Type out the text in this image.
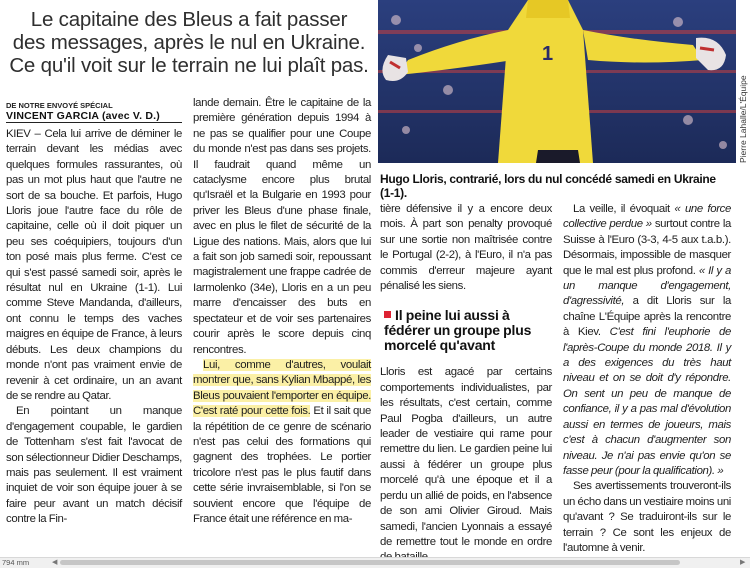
Le capitaine des Bleus a fait passer
des messages, après le nul en Ukraine.
Ce qu'il voit sur le terrain ne lui plaît pas.	1
Pierre Lahalle/L'Équipe
Hugo Lloris, contrarié, lors du nul concédé samedi en Ukraine (1-1).
DE NOTRE ENVOYÉ SPÉCIAL
VINCENT GARCIA (avec V. D.)

KIEV – Cela lui arrive de déminer le terrain devant les médias avec quelques formules rassurantes, où pas un mot plus haut que l'autre ne sort de sa bouche. Et parfois, Hugo Lloris joue l'autre face du rôle de capitaine, celle où il doit piquer un peu ses coéquipiers, toujours d'un ton posé mais plus ferme. C'est ce qui s'est passé samedi soir, après le résultat nul en Ukraine (1-1). Lui comme Steve Mandanda, d'ailleurs, ont connu le temps des vaches maigres en équipe de France, à leurs débuts. Les deux champions du monde n'ont pas vraiment envie de revenir à cet ordinaire, un an avant de se rendre au Qatar.

En pointant un manque d'engagement coupable, le gardien de Tottenham s'est fait l'avocat de son sélectionneur Didier Deschamps, mais pas seulement. Il est vraiment inquiet de voir son équipe jouer à se faire peur avant un match décisif contre la Fin-

lande demain. Être le capitaine de la première génération depuis 1994 à ne pas se qualifier pour une Coupe du monde n'est pas dans ses projets. Il faudrait quand même un cataclysme encore plus brutal qu'Israël et la Bulgarie en 1993 pour priver les Bleus d'une phase finale, avec en plus le filet de sécurité de la Ligue des nations. Mais, alors que lui a fait son job samedi soir, repoussant magistralement une frappe cadrée de Iarmolenko (34e), Lloris en a un peu marre d'encaisser des buts en spectateur et de voir ses partenaires courir après le score depuis cinq rencontres.

Lui, comme d'autres, voulait montrer que, sans Kylian Mbappé, les Bleus pouvaient l'emporter en équipe. C'est raté pour cette fois. Et il sait que la répétition de ce genre de scénario n'est pas celui des formations qui gagnent des trophées. Le portier tricolore n'est pas le plus fautif dans cette série invraisemblable, si l'on se souvient encore que l'équipe de France était une référence en ma-

tière défensive il y a encore deux mois. À part son penalty provoqué sur une sortie non maîtrisée contre le Portugal (2-2), à l'Euro, il n'a pas commis d'erreur majeure ayant pénalisé les siens.

Il peine lui aussi à fédérer un groupe plus morcelé qu'avant

Lloris est agacé par certains comportements individualistes, par les résultats, c'est certain, comme Paul Pogba d'ailleurs, un autre leader de vestiaire qui rame pour remettre du lien. Le gardien peine lui aussi à fédérer un groupe plus morcelé qu'à une époque et il a perdu un allié de poids, en l'absence de son ami Olivier Giroud. Mais samedi, l'ancien Lyonnais a essayé de remettre tout le monde en ordre

La veille, il évoquait « une force collective perdue » surtout contre la Suisse à l'Euro (3-3, 4-5 aux t.a.b.). Désormais, impossible de masquer que le mal est plus profond. « Il y a un manque d'engagement, d'agressivité, a dit Lloris sur la chaîne L'Équipe après la rencontre à Kiev. C'est fini l'euphorie de l'après-Coupe du monde 2018. Il y a des exigences du très haut niveau et on se doit d'y répondre. On sent un peu de manque de confiance, il y a pas mal d'évolution aussi en termes de joueurs, mais c'est à chacun d'augmenter son niveau. Je n'ai pas envie qu'on se fasse peur (pour la qualification). »

Ses avertissements trouveront-ils un écho dans un vestiaire moins uni qu'avant ? Se traduiront-ils sur le terrain ? Ce sont les enjeux de l'automne à venir.

794 mm	◀	▶
